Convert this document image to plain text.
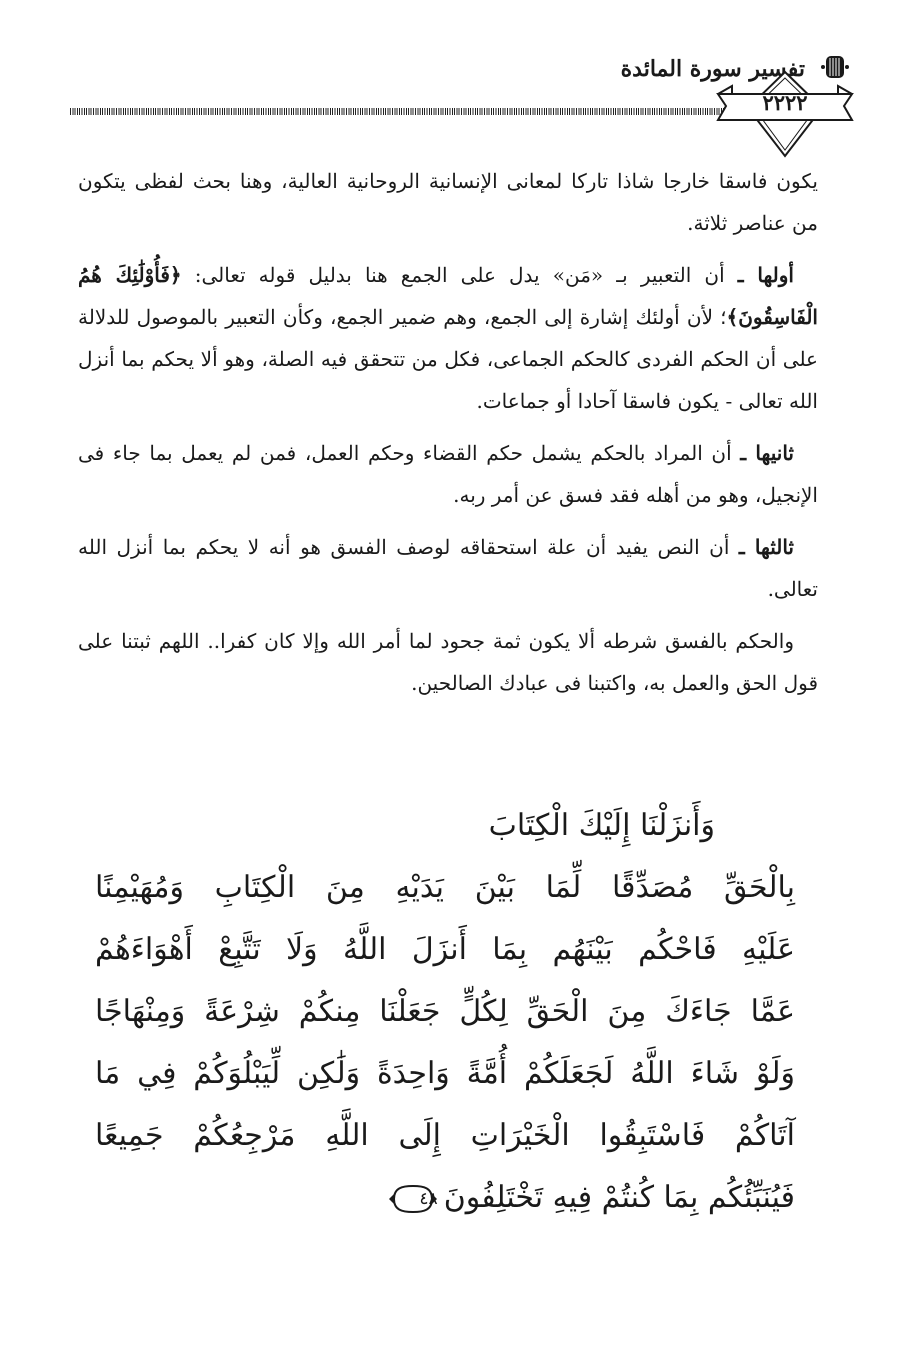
تفسير سورة المائدة
٢٢٢٢

يكون فاسقا خارجا شاذا تاركا لمعانى الإنسانية الروحانية العالية، وهنا بحث لفظى يتكون من عناصر ثلاثة.

أولها ـ أن التعبير بـ «مَن» يدل على الجمع هنا بدليل قوله تعالى: ﴿فَأُوْلَٰئِكَ هُمُ الْفَاسِقُونَ﴾؛ لأن أولئك إشارة إلى الجمع، وهم ضمير الجمع، وكأن التعبير بالموصول للدلالة على أن الحكم الفردى كالحكم الجماعى، فكل من تتحقق فيه الصلة، وهو ألا يحكم بما أنزل الله تعالى - يكون فاسقا آحادا أو جماعات.

ثانيها ـ أن المراد بالحكم يشمل حكم القضاء وحكم العمل، فمن لم يعمل بما جاء فى الإنجيل، وهو من أهله فقد فسق عن أمر ربه.

ثالثها ـ أن النص يفيد أن علة استحقاقه لوصف الفسق هو أنه لا يحكم بما أنزل الله تعالى.

والحكم بالفسق شرطه ألا يكون ثمة جحود لما أمر الله وإلا كان كفرا.. اللهم ثبتنا على قول الحق والعمل به، واكتبنا فى عبادك الصالحين.

وَأَنزَلْنَا إِلَيْكَ الْكِتَابَ
بِالْحَقِّ مُصَدِّقًا لِّمَا بَيْنَ يَدَيْهِ مِنَ الْكِتَابِ وَمُهَيْمِنًا
عَلَيْهِ فَاحْكُم بَيْنَهُم بِمَا أَنزَلَ اللَّهُ وَلَا تَتَّبِعْ أَهْوَاءَهُمْ
عَمَّا جَاءَكَ مِنَ الْحَقِّ لِكُلٍّ جَعَلْنَا مِنكُمْ شِرْعَةً وَمِنْهَاجًا
وَلَوْ شَاءَ اللَّهُ لَجَعَلَكُمْ أُمَّةً وَاحِدَةً وَلَٰكِن لِّيَبْلُوَكُمْ فِي مَا
آتَاكُمْ فَاسْتَبِقُوا الْخَيْرَاتِ إِلَى اللَّهِ مَرْجِعُكُمْ جَمِيعًا
فَيُنَبِّئُكُم بِمَا كُنتُمْ فِيهِ تَخْتَلِفُونَ
٤٨
